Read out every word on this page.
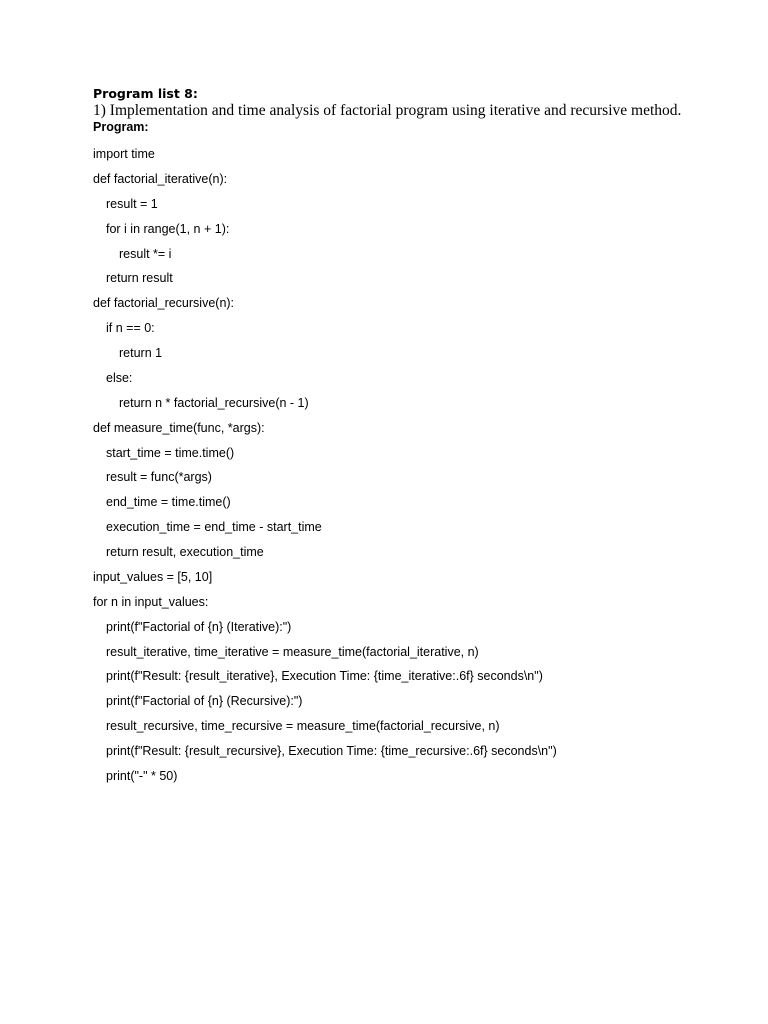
Program list 8:
1) Implementation and time analysis of factorial program using iterative and recursive method.
Program:
import time
def factorial_iterative(n):
result = 1
for i in range(1, n + 1):
result *= i
return result
def factorial_recursive(n):
if n == 0:
return 1
else:
return n * factorial_recursive(n - 1)
def measure_time(func, *args):
start_time = time.time()
result = func(*args)
end_time = time.time()
execution_time = end_time - start_time
return result, execution_time
input_values = [5, 10]
for n in input_values:
print(f"Factorial of {n} (Iterative):")
result_iterative, time_iterative = measure_time(factorial_iterative, n)
print(f"Result: {result_iterative}, Execution Time: {time_iterative:.6f} seconds\n")
print(f"Factorial of {n} (Recursive):")
result_recursive, time_recursive = measure_time(factorial_recursive, n)
print(f"Result: {result_recursive}, Execution Time: {time_recursive:.6f} seconds\n")
print("-" * 50)
